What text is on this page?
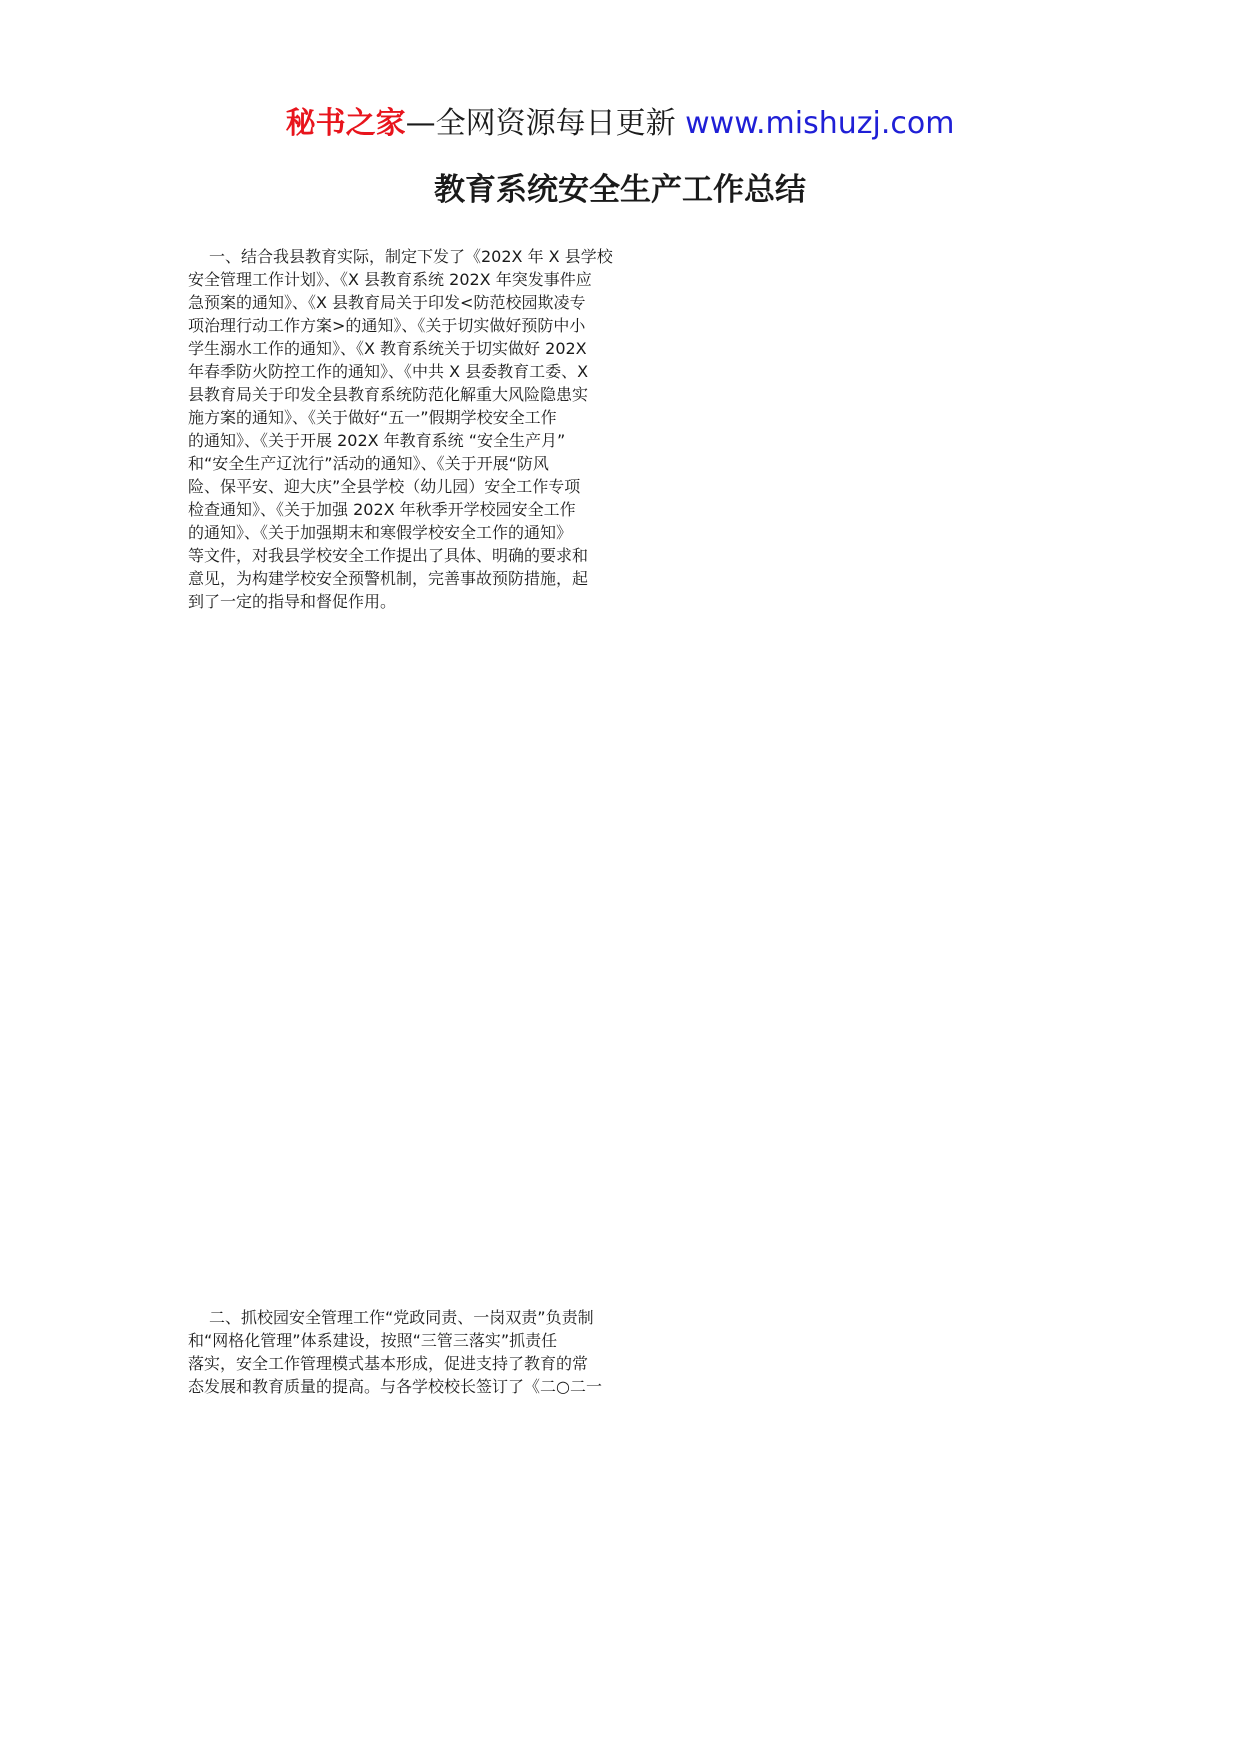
秘书之家—全网资源每日更新 www.mishuzj.com
教育系统安全生产工作总结
一、结合我县教育实际，制定下发了《202X 年 X 县学校
安全管理工作计划》、《X 县教育系统 202X 年突发事件应
急预案的通知》、《X 县教育局关于印发<防范校园欺凌专
项治理行动工作方案>的通知》、《关于切实做好预防中小
学生溺水工作的通知》、《X 教育系统关于切实做好 202X
年春季防火防控工作的通知》、《中共 X 县委教育工委、X
县教育局关于印发全县教育系统防范化解重大风险隐患实
施方案的通知》、《关于做好“五一”假期学校安全工作
的通知》、《关于开展 202X 年教育系统 “安全生产月”
和“安全生产辽沈行”活动的通知》、《关于开展“防风
险、保平安、迎大庆”全县学校（幼儿园）安全工作专项
检查通知》、《关于加强 202X 年秋季开学校园安全工作
的通知》、《关于加强期末和寒假学校安全工作的通知》
等文件，对我县学校安全工作提出了具体、明确的要求和
意见，为构建学校安全预警机制，完善事故预防措施，起
到了一定的指导和督促作用。
二、抓校园安全管理工作“党政同责、一岗双责”负责制
和“网格化管理”体系建设，按照“三管三落实”抓责任
落实，安全工作管理模式基本形成，促进支持了教育的常
态发展和教育质量的提高。与各学校校长签订了《二○二一
